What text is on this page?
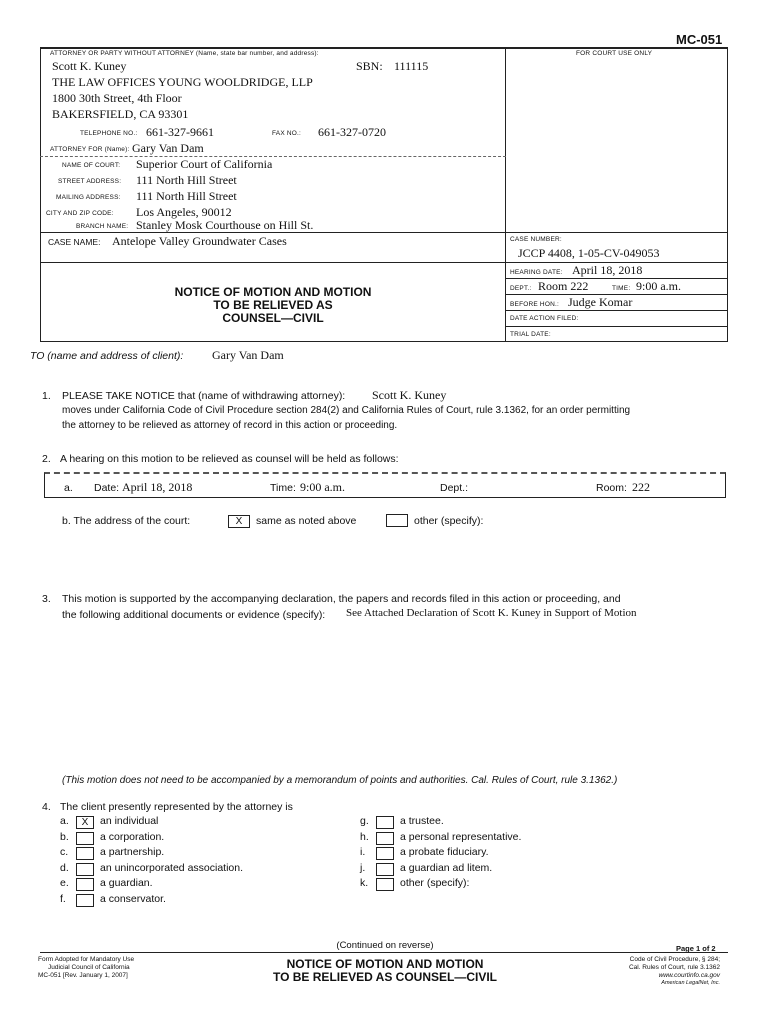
MC-051
ATTORNEY OR PARTY WITHOUT ATTORNEY (Name, state bar number, and address):	FOR COURT USE ONLY
Scott K. Kuney	SBN: 111115
THE LAW OFFICES YOUNG WOOLDRIDGE, LLP
1800 30th Street, 4th Floor
BAKERSFIELD, CA 93301
TELEPHONE NO.: 661-327-9661	FAX NO.: 661-327-0720
ATTORNEY FOR (Name): Gary Van Dam
NAME OF COURT: Superior Court of California
STREET ADDRESS: 111 North Hill Street
MAILING ADDRESS: 111 North Hill Street
CITY AND ZIP CODE: Los Angeles, 90012
BRANCH NAME: Stanley Mosk Courthouse on Hill St.
CASE NAME: Antelope Valley Groundwater Cases	CASE NUMBER:
JCCP 4408, 1-05-CV-049053
HEARING DATE: April 18, 2018
DEPT.: Room 222	TIME: 9:00 a.m.
BEFORE HON.: Judge Komar
DATE ACTION FILED:
TRIAL DATE:
NOTICE OF MOTION AND MOTION
TO BE RELIEVED AS
COUNSEL—CIVIL
TO (name and address of client): Gary Van Dam
1. PLEASE TAKE NOTICE that (name of withdrawing attorney): Scott K. Kuney
moves under California Code of Civil Procedure section 284(2) and California Rules of Court, rule 3.1362, for an order permitting
the attorney to be relieved as attorney of record in this action or proceeding.
2. A hearing on this motion to be relieved as counsel will be held as follows:
a. Date: April 18, 2018	Time: 9:00 a.m.	Dept.:	Room: 222
b. The address of the court:	X	same as noted above	other (specify):
3. This motion is supported by the accompanying declaration, the papers and records filed in this action or proceeding, and
the following additional documents or evidence (specify): See Attached Declaration of Scott K. Kuney in Support of Motion
(This motion does not need to be accompanied by a memorandum of points and authorities. Cal. Rules of Court, rule 3.1362.)
4. The client presently represented by the attorney is
a.	X	an individual
b.	a corporation.
c.	a partnership.
d.	an unincorporated association.
e.	a guardian.
f.	a conservator.
g.	a trustee.
h.	a personal representative.
i.	a probate fiduciary.
j.	a guardian ad litem.
k.	other (specify):
(Continued on reverse)	Page 1 of 2
Form Adopted for Mandatory Use
Judicial Council of California
MC-051 [Rev. January 1, 2007]
NOTICE OF MOTION AND MOTION
TO BE RELIEVED AS COUNSEL—CIVIL
Code of Civil Procedure, § 284;
Cal. Rules of Court, rule 3.1362
www.courtinfo.ca.gov
American LegalNet, Inc.
